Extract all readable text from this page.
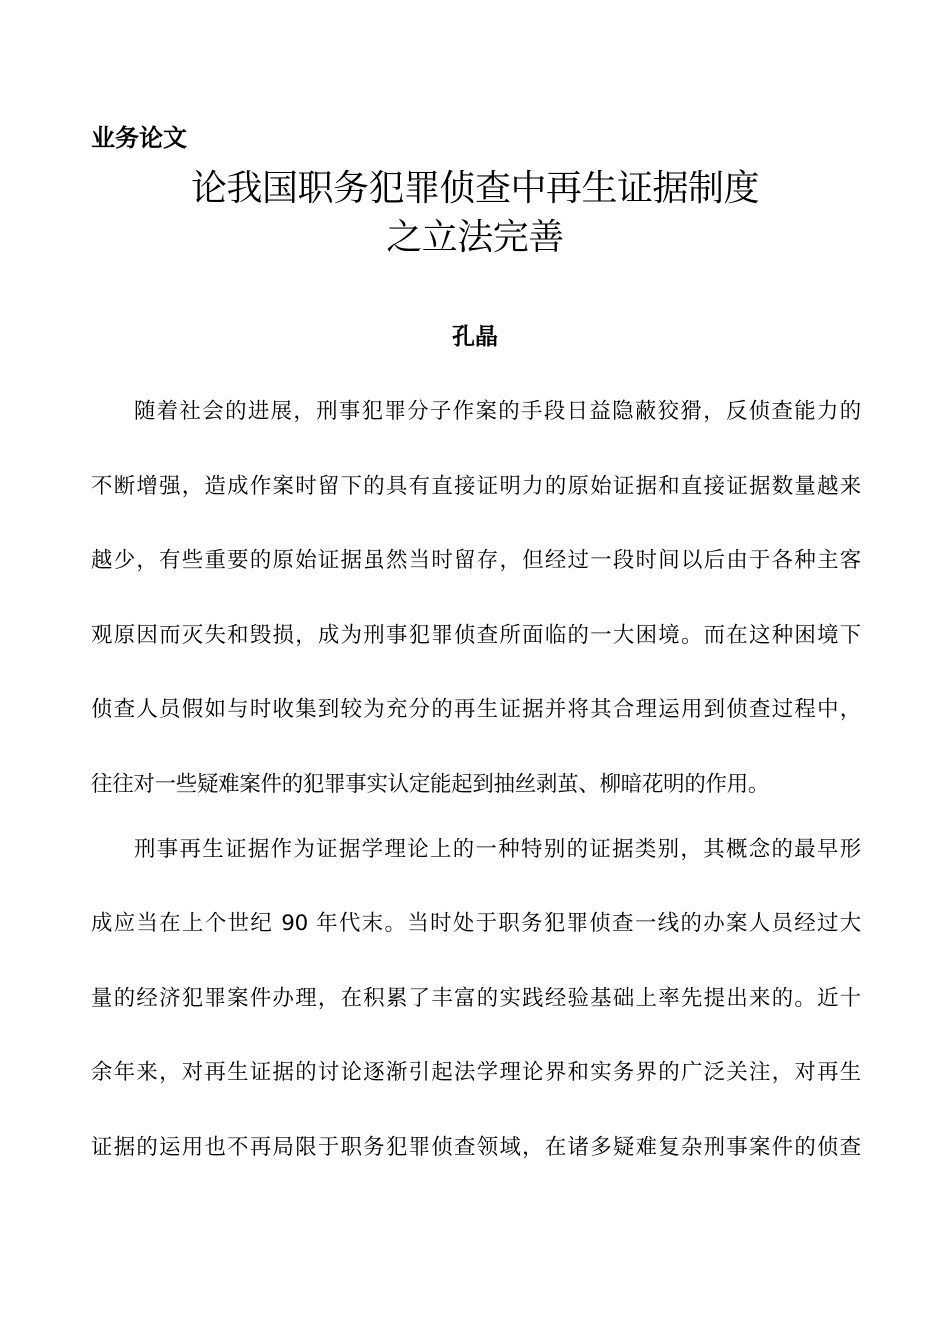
业务论文
论我国职务犯罪侦查中再生证据制度
之立法完善
孔晶
随着社会的进展，刑事犯罪分子作案的手段日益隐蔽狡猾，反侦查能力的
不断增强，造成作案时留下的具有直接证明力的原始证据和直接证据数量越来
越少，有些重要的原始证据虽然当时留存，但经过一段时间以后由于各种主客
观原因而灭失和毁损，成为刑事犯罪侦查所面临的一大困境。而在这种困境下
侦查人员假如与时收集到较为充分的再生证据并将其合理运用到侦查过程中，
往往对一些疑难案件的犯罪事实认定能起到抽丝剥茧、柳暗花明的作用。
刑事再生证据作为证据学理论上的一种特别的证据类别，其概念的最早形
成应当在上个世纪 90 年代末。当时处于职务犯罪侦查一线的办案人员经过大
量的经济犯罪案件办理，在积累了丰富的实践经验基础上率先提出来的。近十
余年来，对再生证据的讨论逐渐引起法学理论界和实务界的广泛关注，对再生
证据的运用也不再局限于职务犯罪侦查领域，在诸多疑难复杂刑事案件的侦查
